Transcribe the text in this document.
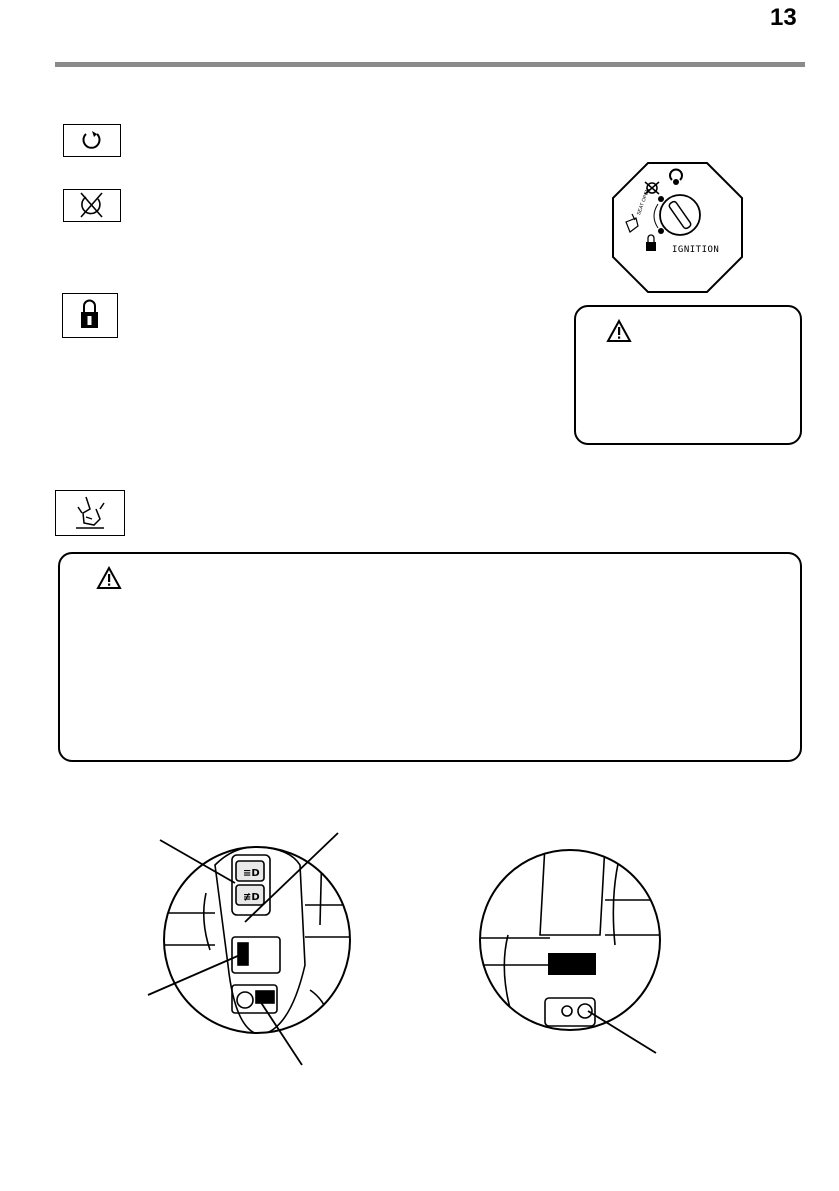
13
IGNITION
SEAT OPEN
≡D
≢D
